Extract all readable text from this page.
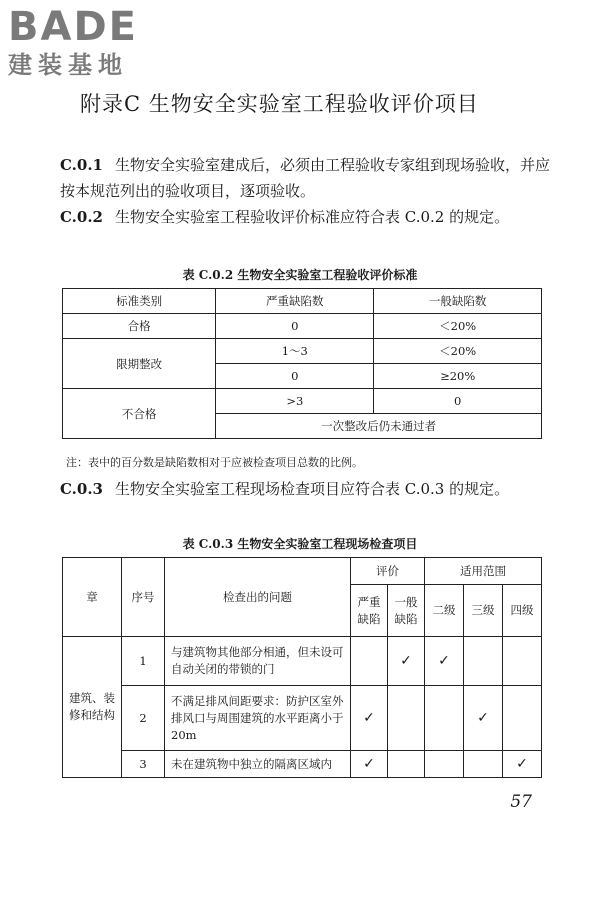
BADE
建装基地
附录C 生物安全实验室工程验收评价项目
C.0.1 生物安全实验室建成后，必须由工程验收专家组到现场验收，并应按本规范列出的验收项目，逐项验收。
C.0.2 生物安全实验室工程验收评价标准应符合表 C.0.2 的规定。
表 C.0.2 生物安全实验室工程验收评价标准
标准类别	严重缺陷数	一般缺陷数
合格	0	＜20%
限期整改	1～3	＜20%
	0	≥20%
不合格	>3	0
	一次整改后仍未通过者	
注：表中的百分数是缺陷数相对于应被检查项目总数的比例。
C.0.3 生物安全实验室工程现场检查项目应符合表 C.0.3 的规定。
表 C.0.3 生物安全实验室工程现场检查项目
章	序号	检查出的问题	评价		适用范围		
			严重缺陷	一般缺陷	二级	三级	四级
建筑、装修和结构	1	与建筑物其他部分相通，但未设可自动关闭的带锁的门		✓	✓		
	2	不满足排风间距要求：防护区室外排风口与周围建筑的水平距离小于 20m	✓			✓	
	3	未在建筑物中独立的隔离区域内	✓				✓
57
